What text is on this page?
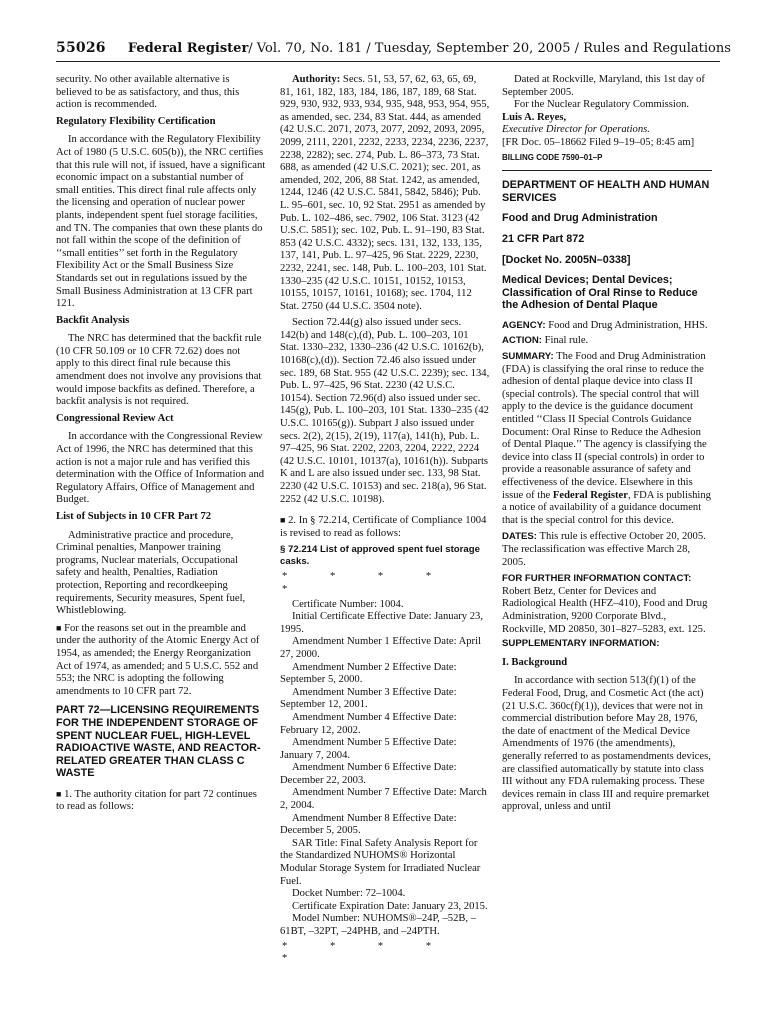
55026 Federal Register/ Vol. 70, No. 181 / Tuesday, September 20, 2005 / Rules and Regulations

security. No other available alternative is believed to be as satisfactory, and thus, this action is recommended.

Regulatory Flexibility Certification

In accordance with the Regulatory Flexibility Act of 1980 (5 U.S.C. 605(b)), the NRC certifies that this rule will not, if issued, have a significant economic impact on a substantial number of small entities. This direct final rule affects only the licensing and operation of nuclear power plants, independent spent fuel storage facilities, and TN. The companies that own these plants do not fall within the scope of the definition of ‘‘small entities’’ set forth in the Regulatory Flexibility Act or the Small Business Size Standards set out in regulations issued by the Small Business Administration at 13 CFR part 121.

Backfit Analysis

The NRC has determined that the backfit rule (10 CFR 50.109 or 10 CFR 72.62) does not apply to this direct final rule because this amendment does not involve any provisions that would impose backfits as defined. Therefore, a backfit analysis is not required.

Congressional Review Act

In accordance with the Congressional Review Act of 1996, the NRC has determined that this action is not a major rule and has verified this determination with the Office of Information and Regulatory Affairs, Office of Management and Budget.

List of Subjects in 10 CFR Part 72

Administrative practice and procedure, Criminal penalties, Manpower training programs, Nuclear materials, Occupational safety and health, Penalties, Radiation protection, Reporting and recordkeeping requirements, Security measures, Spent fuel, Whistleblowing.

■ For the reasons set out in the preamble and under the authority of the Atomic Energy Act of 1954, as amended; the Energy Reorganization Act of 1974, as amended; and 5 U.S.C. 552 and 553; the NRC is adopting the following amendments to 10 CFR part 72.

PART 72—LICENSING REQUIREMENTS FOR THE INDEPENDENT STORAGE OF SPENT NUCLEAR FUEL, HIGH-LEVEL RADIOACTIVE WASTE, AND REACTOR-RELATED GREATER THAN CLASS C WASTE

■ 1. The authority citation for part 72 continues to read as follows:

Authority: Secs. 51, 53, 57, 62, 63, 65, 69, 81, 161, 182, 183, 184, 186, 187, 189, 68 Stat. 929, 930, 932, 933, 934, 935, 948, 953, 954, 955, as amended, sec. 234, 83 Stat. 444, as amended (42 U.S.C. 2071, 2073, 2077, 2092, 2093, 2095, 2099, 2111, 2201, 2232, 2233, 2234, 2236, 2237, 2238, 2282); sec. 274, Pub. L. 86–373, 73 Stat. 688, as amended (42 U.S.C. 2021); sec. 201, as amended, 202, 206, 88 Stat. 1242, as amended, 1244, 1246 (42 U.S.C. 5841, 5842, 5846); Pub. L. 95–601, sec. 10, 92 Stat. 2951 as amended by Pub. L. 102–486, sec. 7902, 106 Stat. 3123 (42 U.S.C. 5851); sec. 102, Pub. L. 91–190, 83 Stat. 853 (42 U.S.C. 4332); secs. 131, 132, 133, 135, 137, 141, Pub. L. 97–425, 96 Stat. 2229, 2230, 2232, 2241, sec. 148, Pub. L. 100–203, 101 Stat. 1330–235 (42 U.S.C. 10151, 10152, 10153, 10155, 10157, 10161, 10168); sec. 1704, 112 Stat. 2750 (44 U.S.C. 3504 note).

Section 72.44(g) also issued under secs. 142(b) and 148(c),(d), Pub. L. 100–203, 101 Stat. 1330–232, 1330–236 (42 U.S.C. 10162(b), 10168(c),(d)). Section 72.46 also issued under sec. 189, 68 Stat. 955 (42 U.S.C. 2239); sec. 134, Pub. L. 97–425, 96 Stat. 2230 (42 U.S.C. 10154). Section 72.96(d) also issued under sec. 145(g), Pub. L. 100–203, 101 Stat. 1330–235 (42 U.S.C. 10165(g)). Subpart J also issued under secs. 2(2), 2(15), 2(19), 117(a), 141(h), Pub. L. 97–425, 96 Stat. 2202, 2203, 2204, 2222, 2224 (42 U.S.C. 10101, 10137(a), 10161(h)). Subparts K and L are also issued under sec. 133, 98 Stat. 2230 (42 U.S.C. 10153) and sec. 218(a), 96 Stat. 2252 (42 U.S.C. 10198).

■ 2. In § 72.214, Certificate of Compliance 1004 is revised to read as follows:

§ 72.214 List of approved spent fuel storage casks.

* * * * *

Certificate Number: 1004.

Initial Certificate Effective Date: January 23, 1995.

Amendment Number 1 Effective Date: April 27, 2000.

Amendment Number 2 Effective Date: September 5, 2000.

Amendment Number 3 Effective Date: September 12, 2001.

Amendment Number 4 Effective Date: February 12, 2002.

Amendment Number 5 Effective Date: January 7, 2004.

Amendment Number 6 Effective Date: December 22, 2003.

Amendment Number 7 Effective Date: March 2, 2004.

Amendment Number 8 Effective Date: December 5, 2005.

SAR Title: Final Safety Analysis Report for the Standardized NUHOMS® Horizontal Modular Storage System for Irradiated Nuclear Fuel.

Docket Number: 72–1004.

Certificate Expiration Date: January 23, 2015.

Model Number: NUHOMS®–24P, –52B, –61BT, –32PT, –24PHB, and –24PTH.

* * * * *

Dated at Rockville, Maryland, this 1st day of September 2005.

For the Nuclear Regulatory Commission.

Luis A. Reyes,

Executive Director for Operations.

[FR Doc. 05–18662 Filed 9–19–05; 8:45 am]

BILLING CODE 7590–01–P

DEPARTMENT OF HEALTH AND HUMAN SERVICES

Food and Drug Administration

21 CFR Part 872

[Docket No. 2005N–0338]

Medical Devices; Dental Devices; Classification of Oral Rinse to Reduce the Adhesion of Dental Plaque

AGENCY: Food and Drug Administration, HHS.

ACTION: Final rule.

SUMMARY: The Food and Drug Administration (FDA) is classifying the oral rinse to reduce the adhesion of dental plaque device into class II (special controls). The special control that will apply to the device is the guidance document entitled ‘‘Class II Special Controls Guidance Document: Oral Rinse to Reduce the Adhesion of Dental Plaque.’’ The agency is classifying the device into class II (special controls) in order to provide a reasonable assurance of safety and effectiveness of the device. Elsewhere in this issue of the Federal Register, FDA is publishing a notice of availability of a guidance document that is the special control for this device.

DATES: This rule is effective October 20, 2005. The reclassification was effective March 28, 2005.

FOR FURTHER INFORMATION CONTACT:

Robert Betz, Center for Devices and Radiological Health (HFZ–410), Food and Drug Administration, 9200 Corporate Blvd., Rockville, MD 20850, 301–827–5283, ext. 125.

SUPPLEMENTARY INFORMATION:

I. Background

In accordance with section 513(f)(1) of the Federal Food, Drug, and Cosmetic Act (the act) (21 U.S.C. 360c(f)(1)), devices that were not in commercial distribution before May 28, 1976, the date of enactment of the Medical Device Amendments of 1976 (the amendments), generally referred to as postamendments devices, are classified automatically by statute into class III without any FDA rulemaking process. These devices remain in class III and require premarket approval, unless and until
